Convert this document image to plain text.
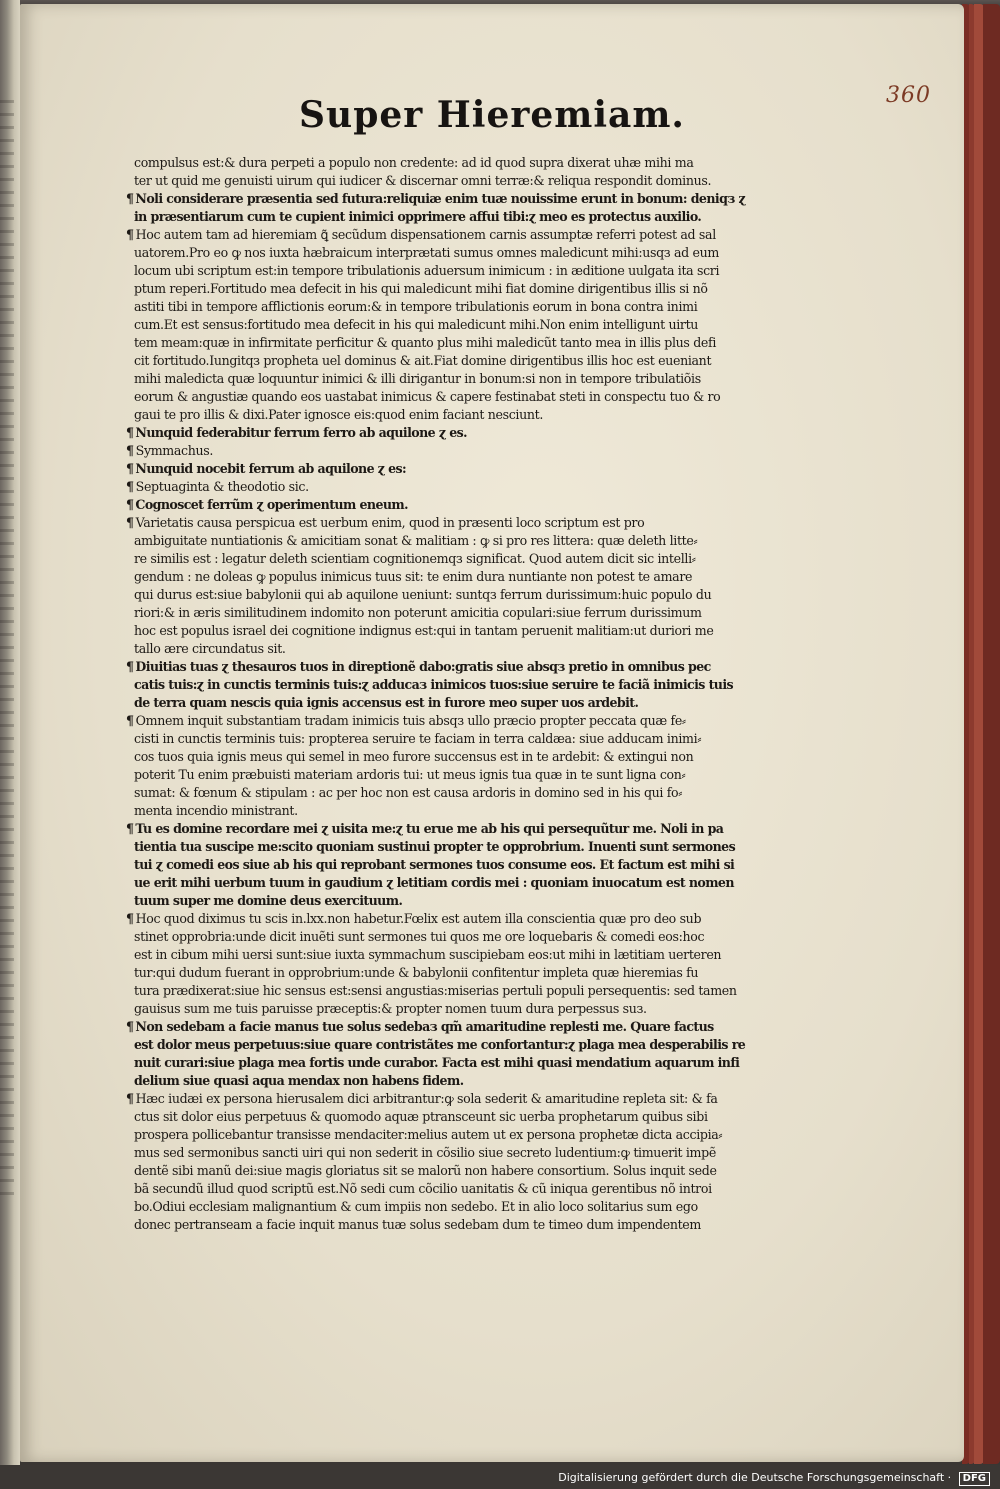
360
Super Hieremiam.
compulsus est:& dura perpeti a populo non credente: ad id quod supra dixerat uhæ mihi ma
ter ut quid me genuisti uirum qui iudicer & discernar omni terræ:& reliqua respondit dominus.
¶ Noli considerare præsentia sed futura:reliquiæ enim tuæ nouissime erunt in bonum: deniqз ɀ
in præsentiarum cum te cupient inimici opprimere affui tibi:ɀ meo es protectus auxilio.
¶ Hoc autem tam ad hieremiam ꝗ̃ secũdum dispensationem carnis assumptæ referri potest ad sal
uatorem.Pro eo ꝙ nos iuxta hæbraicum interprætati sumus omnes maledicunt mihi:usqз ad eum
locum ubi scriptum est:in tempore tribulationis aduersum inimicum : in æditione uulgata ita scri
ptum reperi.Fortitudo mea defecit in his qui maledicunt mihi fiat domine dirigentibus illis si nõ
astiti tibi in tempore afflictionis eorum:& in tempore tribulationis eorum in bona contra inimi
cum.Et est sensus:fortitudo mea defecit in his qui maledicunt mihi.Non enim intelligunt uirtu
tem meam:quæ in infirmitate perficitur & quanto plus mihi maledicũt tanto mea in illis plus defi
cit fortitudo.Iungitqз propheta uel dominus & ait.Fiat domine dirigentibus illis hoc est eueniant
mihi maledicta quæ loquuntur inimici & illi dirigantur in bonum:si non in tempore tribulatiõis
eorum & angustiæ quando eos uastabat inimicus & capere festinabat steti in conspectu tuo & ro
gaui te pro illis & dixi.Pater ignosce eis:quod enim faciant nesciunt.
¶ Nunquid federabitur ferrum ferro ab aquilone ɀ es.
¶ Symmachus.
¶ Nunquid nocebit ferrum ab aquilone ɀ es:
¶ Septuaginta & theodotio sic.
¶ Cognoscet ferrũm ɀ operimentum eneum.
¶ Varietatis causa perspicua est uerbum enim, quod in præsenti loco scriptum est pro
ambiguitate nuntiationis & amicitiam sonat & malitiam : ꝙ si pro res littera: quæ deleth litte⸗
re similis est : legatur deleth scientiam cognitionemqз significat. Quod autem dicit sic intelli⸗
gendum : ne doleas ꝙ populus inimicus tuus sit: te enim dura nuntiante non potest te amare
qui durus est:siue babylonii qui ab aquilone ueniunt: suntqз ferrum durissimum:huic populo du
riori:& in æris similitudinem indomito non poterunt amicitia copulari:siue ferrum durissimum
hoc est populus israel dei cognitione indignus est:qui in tantam peruenit malitiam:ut duriori me
tallo ære circundatus sit.
¶ Diuitias tuas ɀ thesauros tuos in direptionẽ dabo:gratis siue absqз pretio in omnibus pec
catis tuis:ɀ in cunctis terminis tuis:ɀ adducaз inimicos tuos:siue seruire te faciã inimicis tuis
de terra quam nescis quia ignis accensus est in furore meo super uos ardebit.
¶ Omnem inquit substantiam tradam inimicis tuis absqз ullo præcio propter peccata quæ fe⸗
cisti in cunctis terminis tuis: propterea seruire te faciam in terra caldæa: siue adducam inimi⸗
cos tuos quia ignis meus qui semel in meo furore succensus est in te ardebit: & extingui non
poterit Tu enim præbuisti materiam ardoris tui: ut meus ignis tua quæ in te sunt ligna con⸗
sumat: & fœnum & stipulam : ac per hoc non est causa ardoris in domino sed in his qui fo⸗
menta incendio ministrant.
¶ Tu es domine recordare mei ɀ uisita me:ɀ tu erue me ab his qui persequũtur me. Noli in pa
tientia tua suscipe me:scito quoniam sustinui propter te opprobrium. Inuenti sunt sermones
tui ɀ comedi eos siue ab his qui reprobant sermones tuos consume eos. Et factum est mihi si
ue erit mihi uerbum tuum in gaudium ɀ letitiam cordis mei : quoniam inuocatum est nomen
tuum super me domine deus exercituum.
¶ Hoc quod diximus tu scis in.lxx.non habetur.Fœlix est autem illa conscientia quæ pro deo sub
stinet opprobria:unde dicit inuẽti sunt sermones tui quos me ore loquebaris & comedi eos:hoc
est in cibum mihi uersi sunt:siue iuxta symmachum suscipiebam eos:ut mihi in lætitiam uerteren
tur:qui dudum fuerant in opprobrium:unde & babylonii confitentur impleta quæ hieremias fu
tura prædixerat:siue hic sensus est:sensi angustias:miserias pertuli populi persequentis: sed tamen
gauisus sum me tuis paruisse præceptis:& propter nomen tuum dura perpessus suз.
¶ Non sedebam a facie manus tue solus sedebaз qm̃ amaritudine replesti me. Quare factus
est dolor meus perpetuus:siue quare contristãtes me confortantur:ɀ plaga mea desperabilis re
nuit curari:siue plaga mea fortis unde curabor. Facta est mihi quasi mendatium aquarum infi
delium siue quasi aqua mendax non habens fidem.
¶ Hæc iudæi ex persona hierusalem dici arbitrantur:ꝙ sola sederit & amaritudine repleta sit: & fa
ctus sit dolor eius perpetuus & quomodo aquæ ptransceunt sic uerba prophetarum quibus sibi
prospera pollicebantur transisse mendaciter:melius autem ut ex persona prophetæ dicta accipia⸗
mus sed sermonibus sancti uiri qui non sederit in cõsilio siue secreto ludentium:ꝙ timuerit impẽ
dentẽ sibi manũ dei:siue magis gloriatus sit se malorũ non habere consortium. Solus inquit sede
bã secundũ illud quod scriptũ est.Nõ sedi cum cõcilio uanitatis & cũ iniqua gerentibus nõ introi
bo.Odiui ecclesiam malignantium & cum impiis non sedebo. Et in alio loco solitarius sum ego
donec pertranseam a facie inquit manus tuæ solus sedebam dum te timeo dum impendentem
Digitalisierung gefördert durch die Deutsche Forschungsgemeinschaft · DFG
